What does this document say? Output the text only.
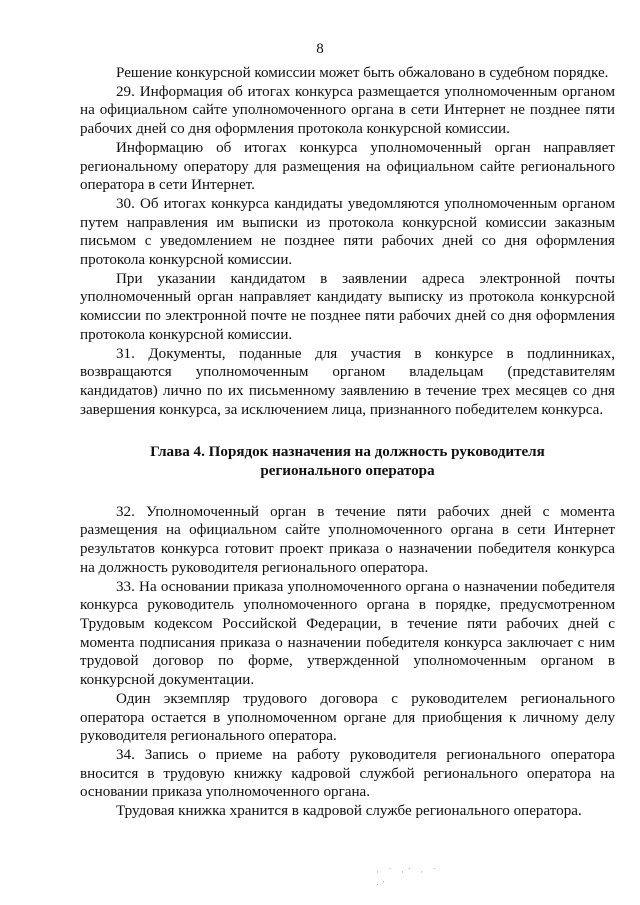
8

Решение конкурсной комиссии может быть обжаловано в судебном порядке.

29. Информация об итогах конкурса размещается уполномоченным органом на официальном сайте уполномоченного органа в сети Интернет не позднее пяти рабочих дней со дня оформления протокола конкурсной комиссии.

Информацию об итогах конкурса уполномоченный орган направляет региональному оператору для размещения на официальном сайте регионального оператора в сети Интернет.

30. Об итогах конкурса кандидаты уведомляются уполномоченным органом путем направления им выписки из протокола конкурсной комиссии заказным письмом с уведомлением не позднее пяти рабочих дней со дня оформления протокола конкурсной комиссии.

При указании кандидатом в заявлении адреса электронной почты уполномоченный орган направляет кандидату выписку из протокола конкурсной комиссии по электронной почте не позднее пяти рабочих дней со дня оформления протокола конкурсной комиссии.

31. Документы, поданные для участия в конкурсе в подлинниках, возвращаются уполномоченным органом владельцам (представителям кандидатов) лично по их письменному заявлению в течение трех месяцев со дня завершения конкурса, за исключением лица, признанного победителем конкурса.

Глава 4. Порядок назначения на должность руководителя

регионального оператора

32. Уполномоченный орган в течение пяти рабочих дней с момента размещения на официальном сайте уполномоченного органа в сети Интернет результатов конкурса готовит проект приказа о назначении победителя конкурса на должность руководителя регионального оператора.

33. На основании приказа уполномоченного органа о назначении победителя конкурса руководитель уполномоченного органа в порядке, предусмотренном Трудовым кодексом Российской Федерации, в течение пяти рабочих дней с момента подписания приказа о назначении победителя конкурса заключает с ним трудовой договор по форме, утвержденной уполномоченным органом в конкурсной документации.

Один экземпляр трудового договора с руководителем регионального оператора остается в уполномоченном органе для приобщения к личному делу руководителя регионального оператора.

34. Запись о приеме на работу руководителя регионального оператора вносится в трудовую книжку кадровой службой регионального оператора на основании приказа уполномоченного органа.

Трудовая книжка хранится в кадровой службе регионального оператора.

· ˙ ·˙ · ˙ .·
